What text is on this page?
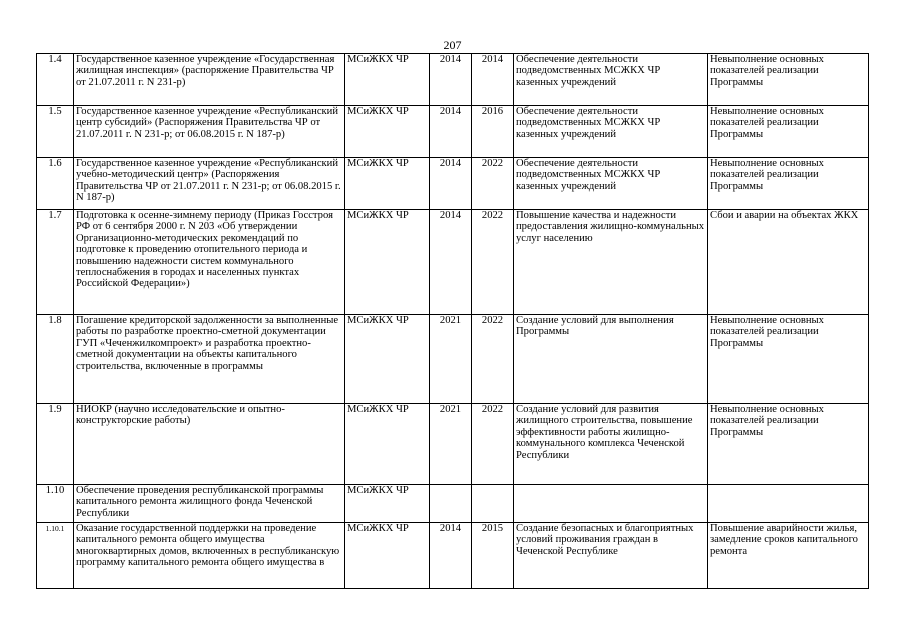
207
1.4	Государственное казенное учреждение «Государственная жилищная инспекция» (распоряжение Правительства ЧР от 21.07.2011 г. N 231-р)	МСиЖКХ ЧР	2014	2014	Обеспечение деятельности подведомственных МСЖКХ ЧР казенных учреждений	Невыполнение основных показателей реализации Программы
1.5	Государственное казенное учреждение «Республиканский центр субсидий» (Распоряжения Правительства ЧР от 21.07.2011 г. N 231-р; от 06.08.2015 г. N 187-р)	МСиЖКХ ЧР	2014	2016	Обеспечение деятельности подведомственных МСЖКХ ЧР казенных учреждений	Невыполнение основных показателей реализации Программы
1.6	Государственное казенное учреждение «Республиканский учебно-методический центр» (Распоряжения Правительства ЧР от 21.07.2011 г. N 231-р; от 06.08.2015 г. N 187-р)	МСиЖКХ ЧР	2014	2022	Обеспечение деятельности подведомственных МСЖКХ ЧР казенных учреждений	Невыполнение основных показателей реализации Программы
1.7	Подготовка к осенне-зимнему периоду (Приказ Госстроя РФ от 6 сентября 2000 г. N 203 «Об утверждении Организационно-методических рекомендаций по подготовке к проведению отопительного периода и повышению надежности систем коммунального теплоснабжения в городах и населенных пунктах Российской Федерации»)	МСиЖКХ ЧР	2014	2022	Повышение качества и надежности предоставления жилищно-коммунальных услуг населению	Сбои и аварии на объектах ЖКХ
1.8	Погашение кредиторской задолженности за выполненные работы по разработке проектно-сметной документации ГУП «Чеченжилкомпроект» и разработка проектно-сметной документации на объекты капитального строительства, включенные в программы	МСиЖКХ ЧР	2021	2022	Создание условий для выполнения Программы	Невыполнение основных показателей реализации Программы
1.9	НИОКР (научно исследовательские и опытно-конструкторские работы)	МСиЖКХ ЧР	2021	2022	Создание условий для развития жилищного строительства, повышение эффективности работы жилищно-коммунального комплекса Чеченской Республики	Невыполнение основных показателей реализации Программы
1.10	Обеспечение проведения республиканской программы капитального ремонта жилищного фонда Чеченской Республики	МСиЖКХ ЧР				
1.10.1	Оказание государственной поддержки на проведение капитального ремонта общего имущества многоквартирных домов, включенных в республиканскую программу капитального ремонта общего имущества в	МСиЖКХ ЧР	2014	2015	Создание безопасных и благоприятных условий проживания граждан в Чеченской Республике	Повышение аварийности жилья, замедление сроков капитального ремонта
